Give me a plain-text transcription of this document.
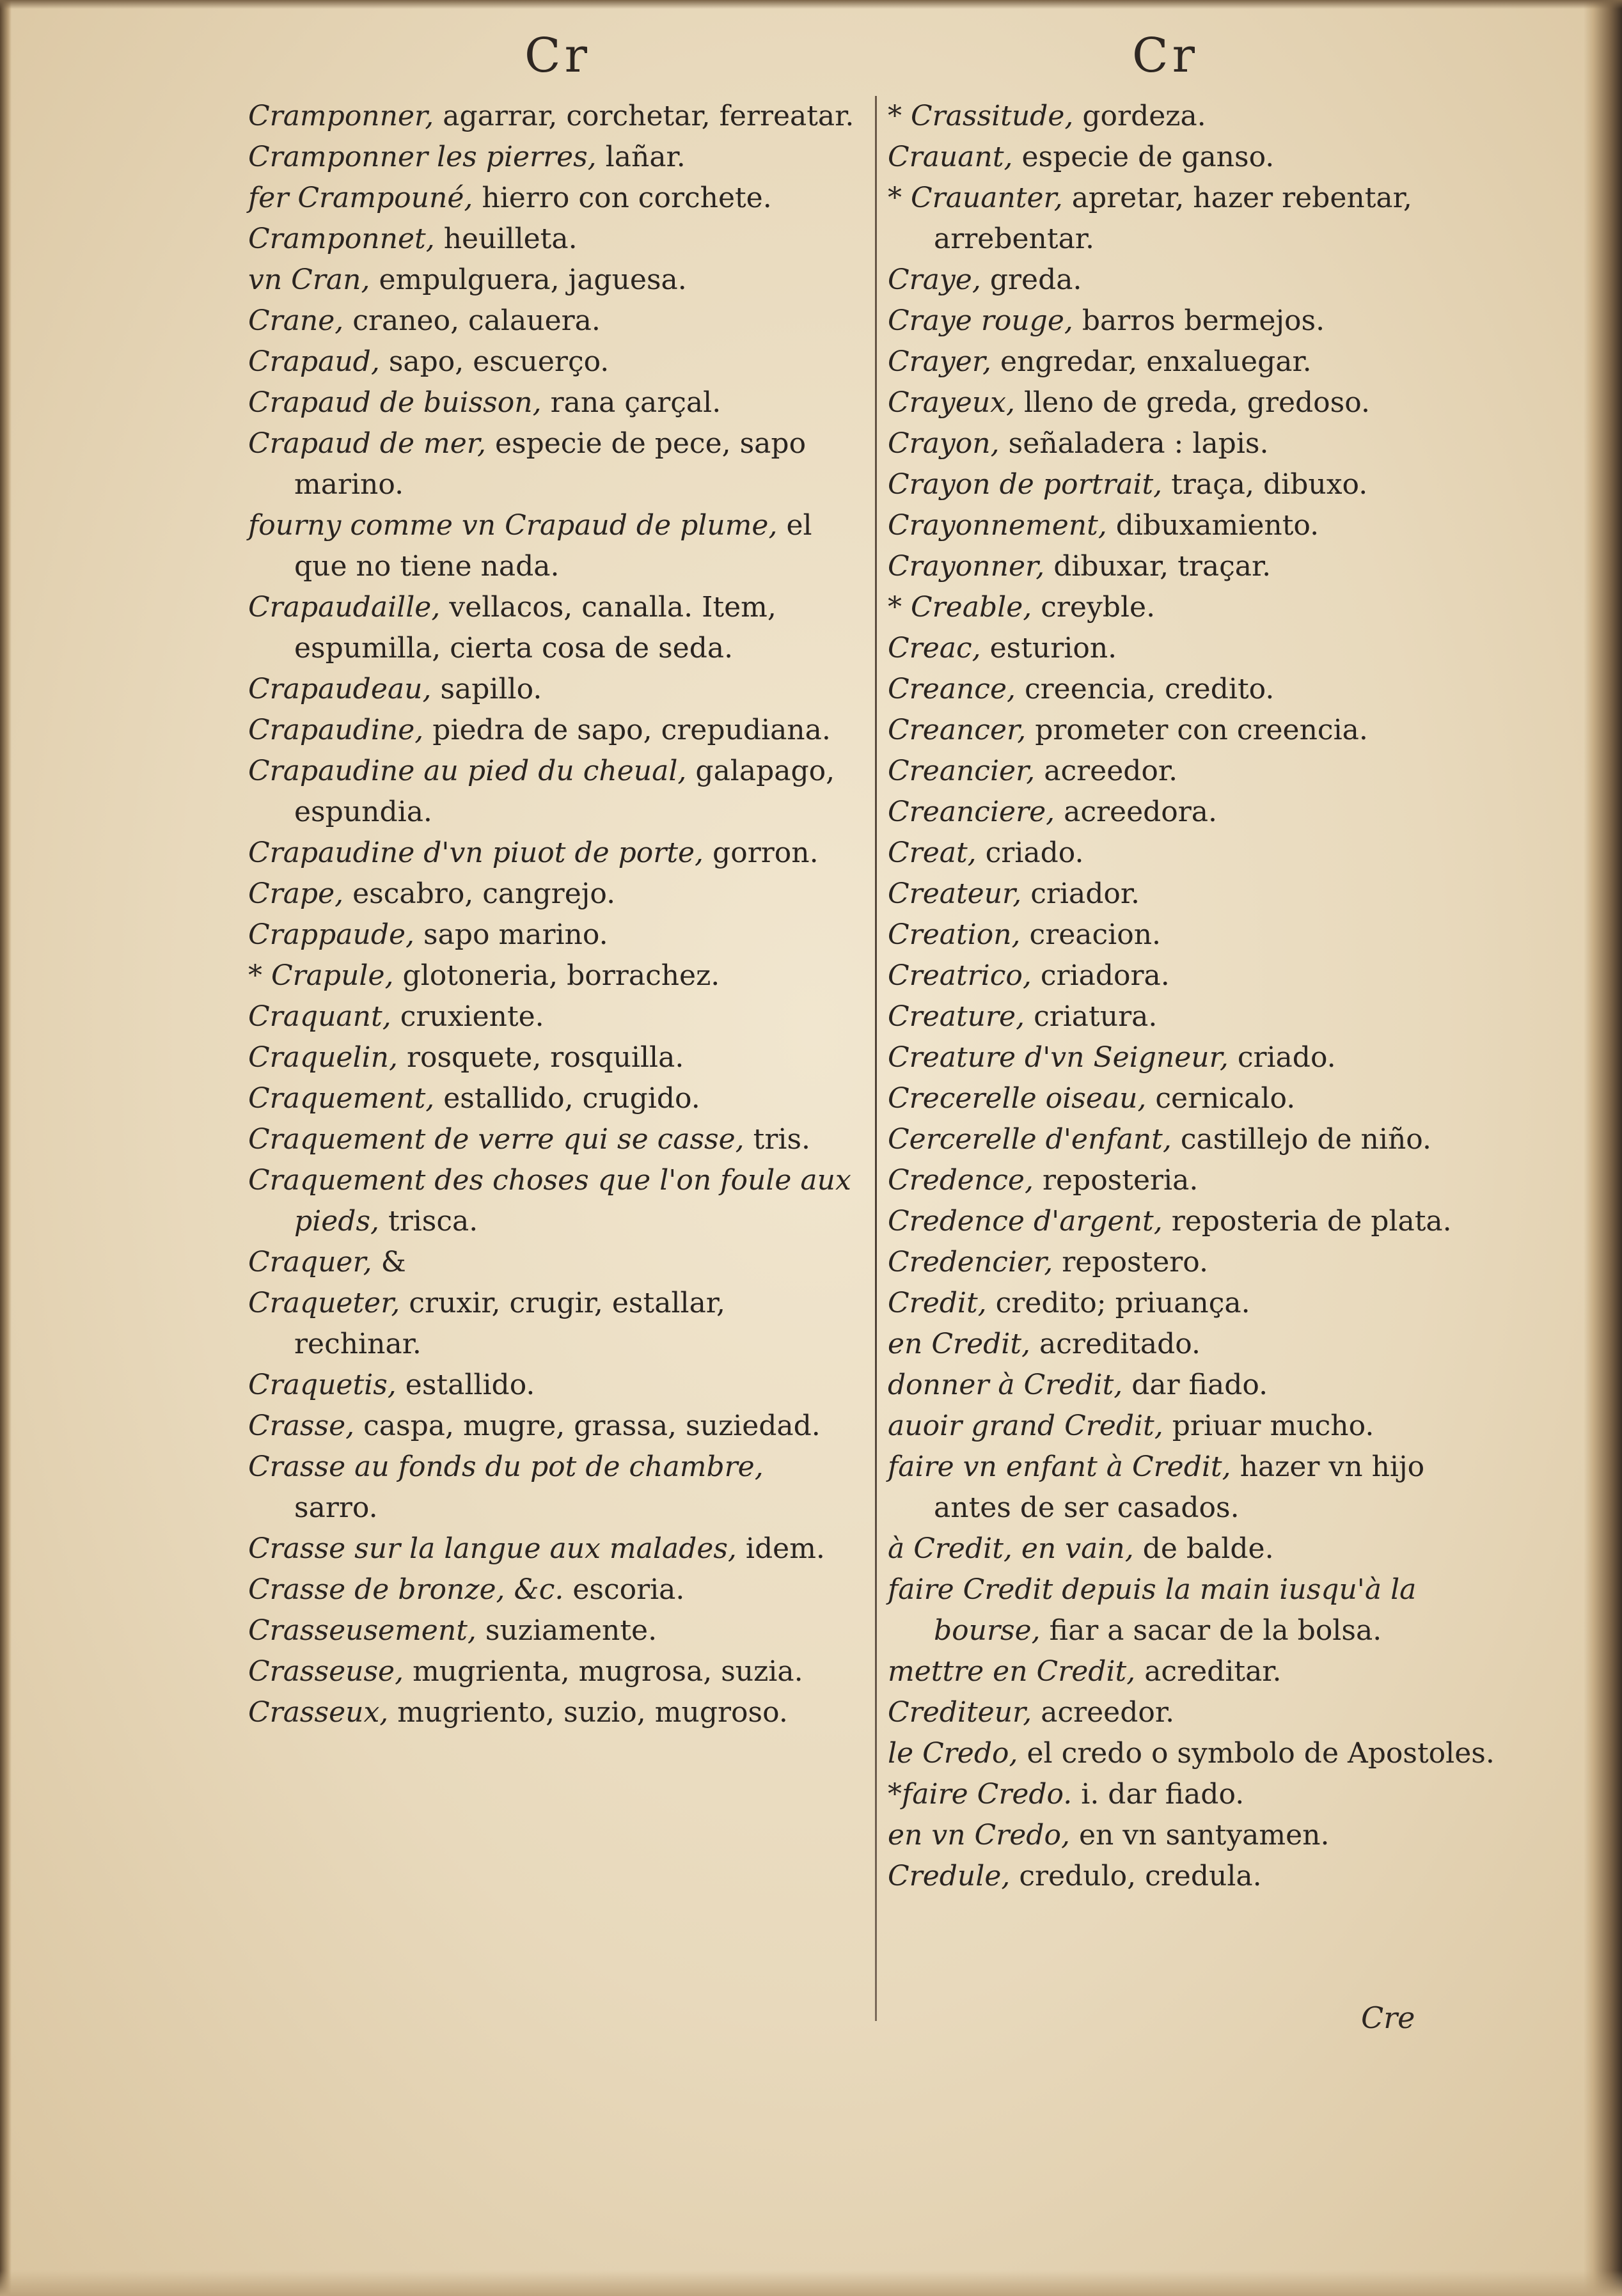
Cr	Cr
Cramponner, agarrar, corchetar, ferreatar.
Cramponner les pierres, lañar.
fer Crampouné, hierro con corchete.
Cramponnet, heuilleta.
vn Cran, empulguera, jaguesa.
Crane, craneo, calauera.
Crapaud, sapo, escuerço.
Crapaud de buisson, rana çarçal.
Crapaud de mer, especie de pece, sapo marino.
fourny comme vn Crapaud de plume, el que no tiene nada.
Crapaudaille, vellacos, canalla. Item, espumilla, cierta cosa de seda.
Crapaudeau, sapillo.
Crapaudine, piedra de sapo, crepudiana.
Crapaudine au pied du cheual, galapago, espundia.
Crapaudine d'vn piuot de porte, gorron.
Crape, escabro, cangrejo.
Crappaude, sapo marino.
* Crapule, glotoneria, borrachez.
Craquant, cruxiente.
Craquelin, rosquete, rosquilla.
Craquement, estallido, crugido.
Craquement de verre qui se casse, tris.
Craquement des choses que l'on foule aux pieds, trisca.
Craquer, &
Craqueter, cruxir, crugir, estallar, rechinar.
Craquetis, estallido.
Crasse, caspa, mugre, grassa, suziedad.
Crasse au fonds du pot de chambre, sarro.
Crasse sur la langue aux malades, idem.
Crasse de bronze, &c. escoria.
Crasseusement, suziamente.
Crasseuse, mugrienta, mugrosa, suzia.
Crasseux, mugriento, suzio, mugroso.
* Crassitude, gordeza.
Crauant, especie de ganso.
* Crauanter, apretar, hazer rebentar, arrebentar.
Craye, greda.
Craye rouge, barros bermejos.
Crayer, engredar, enxaluegar.
Crayeux, lleno de greda, gredoso.
Crayon, señaladera : lapis.
Crayon de portrait, traça, dibuxo.
Crayonnement, dibuxamiento.
Crayonner, dibuxar, traçar.
* Creable, creyble.
Creac, esturion.
Creance, creencia, credito.
Creancer, prometer con creencia.
Creancier, acreedor.
Creanciere, acreedora.
Creat, criado.
Createur, criador.
Creation, creacion.
Creatrico, criadora.
Creature, criatura.
Creature d'vn Seigneur, criado.
Crecerelle oiseau, cernicalo.
Cercerelle d'enfant, castillejo de niño.
Credence, reposteria.
Credence d'argent, reposteria de plata.
Credencier, repostero.
Credit, credito; priuança.
en Credit, acreditado.
donner à Credit, dar fiado.
auoir grand Credit, priuar mucho.
faire vn enfant à Credit, hazer vn hijo antes de ser casados.
à Credit, en vain, de balde.
faire Credit depuis la main iusqu'à la bourse, fiar a sacar de la bolsa.
mettre en Credit, acreditar.
Crediteur, acreedor.
le Credo, el credo o symbolo de Apostoles.
*faire Credo. i. dar fiado.
en vn Credo, en vn santyamen.
Credule, credulo, credula.
Cre
